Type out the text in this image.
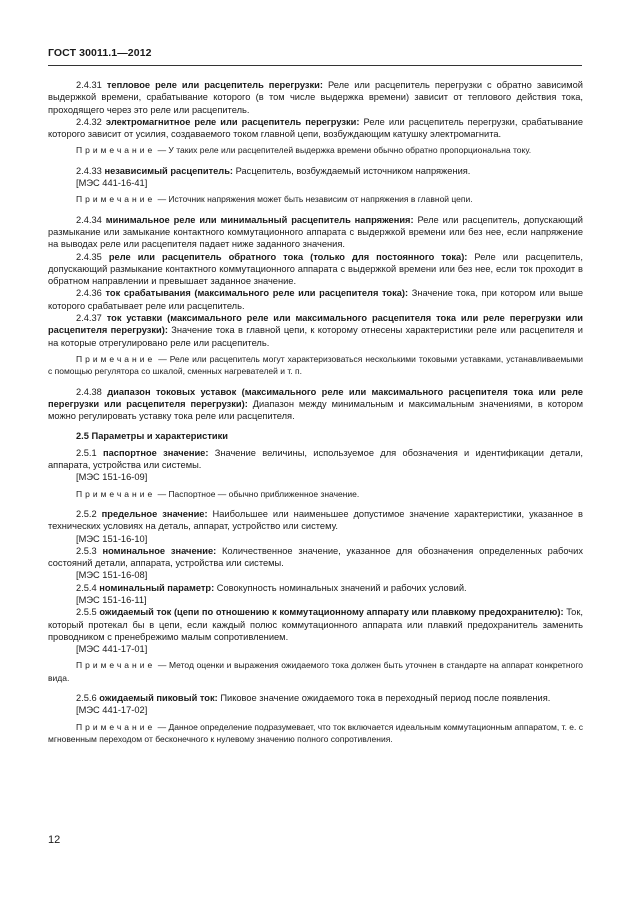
ГОСТ 30011.1—2012

2.4.31 тепловое реле или расцепитель перегрузки: Реле или расцепитель перегрузки с обратно зависимой выдержкой времени, срабатывание которого (в том числе выдержка времени) зависит от теплового действия тока, проходящего через это реле или расцепитель.

2.4.32 электромагнитное реле или расцепитель перегрузки: Реле или расцепитель перегрузки, срабатывание которого зависит от усилия, создаваемого током главной цепи, возбуждающим катушку электромагнита.

Примечание — У таких реле или расцепителей выдержка времени обычно обратно пропорциональна току.

2.4.33 независимый расцепитель: Расцепитель, возбуждаемый источником напряжения.

[МЭС 441-16-41]

Примечание — Источник напряжения может быть независим от напряжения в главной цепи.

2.4.34 минимальное реле или минимальный расцепитель напряжения: Реле или расцепитель, допускающий размыкание или замыкание контактного коммутационного аппарата с выдержкой времени или без нее, если напряжение на выводах реле или расцепителя падает ниже заданного значения.

2.4.35 реле или расцепитель обратного тока (только для постоянного тока): Реле или расцепитель, допускающий размыкание контактного коммутационного аппарата с выдержкой времени или без нее, если ток проходит в обратном направлении и превышает заданное значение.

2.4.36 ток срабатывания (максимального реле или расцепителя тока): Значение тока, при котором или выше которого срабатывает реле или расцепитель.

2.4.37 ток уставки (максимального реле или максимального расцепителя тока или реле перегрузки или расцепителя перегрузки): Значение тока в главной цепи, к которому отнесены характеристики реле или расцепителя и на которые отрегулировано реле или расцепитель.

Примечание — Реле или расцепитель могут характеризоваться несколькими токовыми уставками, устанавливаемыми с помощью регулятора со шкалой, сменных нагревателей и т. п.

2.4.38 диапазон токовых уставок (максимального реле или максимального расцепителя тока или реле перегрузки или расцепителя перегрузки): Диапазон между минимальным и максимальным значениями, в котором можно регулировать уставку тока реле или расцепителя.

2.5 Параметры и характеристики

2.5.1 паспортное значение: Значение величины, используемое для обозначения и идентификации детали, аппарата, устройства или системы.

[МЭС 151-16-09]

Примечание — Паспортное — обычно приближенное значение.

2.5.2 предельное значение: Наибольшее или наименьшее допустимое значение характеристики, указанное в технических условиях на деталь, аппарат, устройство или систему.

[МЭС 151-16-10]

2.5.3 номинальное значение: Количественное значение, указанное для обозначения определенных рабочих состояний детали, аппарата, устройства или системы.

[МЭС 151-16-08]

2.5.4 номинальный параметр: Совокупность номинальных значений и рабочих условий.

[МЭС 151-16-11]

2.5.5 ожидаемый ток (цепи по отношению к коммутационному аппарату или плавкому предохранителю): Ток, который протекал бы в цепи, если каждый полюс коммутационного аппарата или плавкий предохранитель заменить проводником с пренебрежимо малым сопротивлением.

[МЭС 441-17-01]

Примечание — Метод оценки и выражения ожидаемого тока должен быть уточнен в стандарте на аппарат конкретного вида.

2.5.6 ожидаемый пиковый ток: Пиковое значение ожидаемого тока в переходный период после появления.

[МЭС 441-17-02]

Примечание — Данное определение подразумевает, что ток включается идеальным коммутационным аппаратом, т. е. с мгновенным переходом от бесконечного к нулевому значению полного сопротивления.

12
